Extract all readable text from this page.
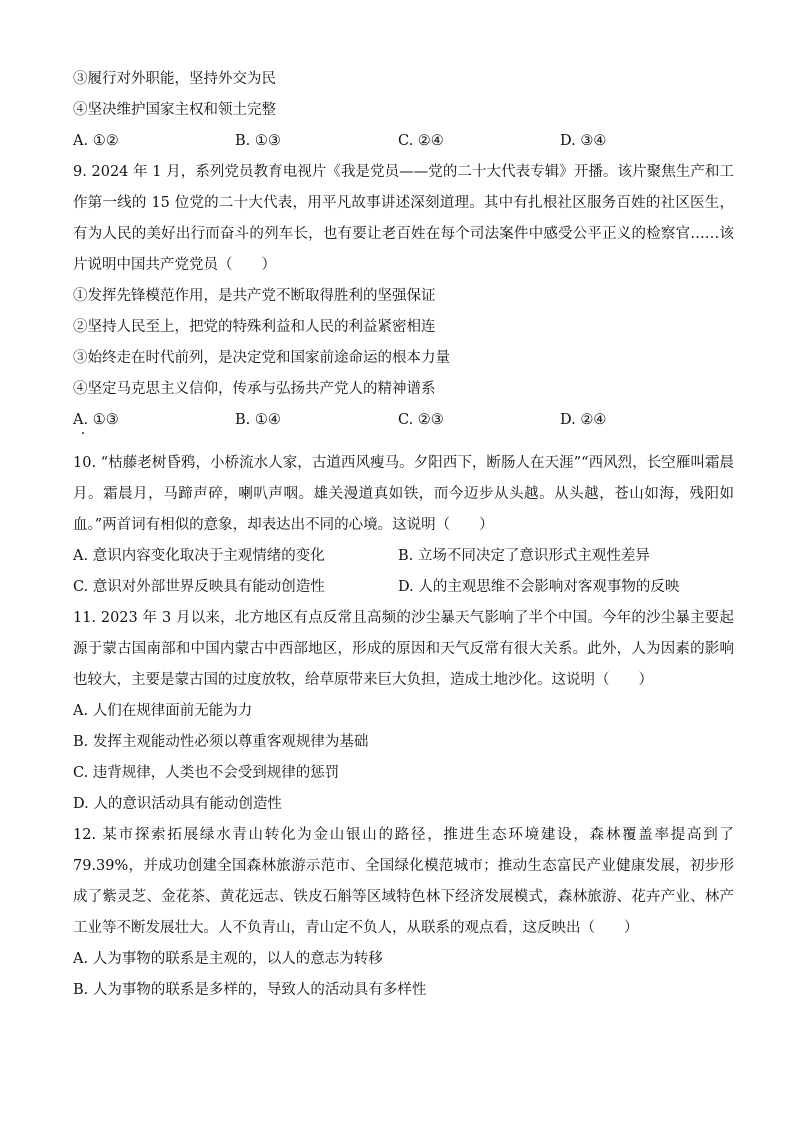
③履行对外职能，坚持外交为民
④坚决维护国家主权和领土完整
A. ①②	B. ①③	C. ②④	D. ③④
9. 2024 年 1 月，系列党员教育电视片《我是党员——党的二十大代表专辑》开播。该片聚焦生产和工作第一线的 15 位党的二十大代表，用平凡故事讲述深刻道理。其中有扎根社区服务百姓的社区医生，有为人民的美好出行而奋斗的列车长，也有要让老百姓在每个司法案件中感受公平正义的检察官……该片说明中国共产党党员（　　）
①发挥先锋模范作用，是共产党不断取得胜利的坚强保证
②坚持人民至上，把党的特殊利益和人民的利益紧密相连
③始终走在时代前列，是决定党和国家前途命运的根本力量
④坚定马克思主义信仰，传承与弘扬共产党人的精神谱系
A. ①③	B. ①④	C. ②③	D. ②④
10. “枯藤老树昏鸦，小桥流水人家，古道西风瘦马。夕阳西下，断肠人在天涯”“西风烈，长空雁叫霜晨月。霜晨月，马蹄声碎，喇叭声咽。雄关漫道真如铁，而今迈步从头越。从头越，苍山如海，残阳如血。”两首词有相似的意象，却表达出不同的心境。这说明（　　）
A. 意识内容变化取决于主观情绪的变化	B. 立场不同决定了意识形式主观性差异
C. 意识对外部世界反映具有能动创造性	D. 人的主观思维不会影响对客观事物的反映
11. 2023 年 3 月以来，北方地区有点反常且高频的沙尘暴天气影响了半个中国。今年的沙尘暴主要起源于蒙古国南部和中国内蒙古中西部地区，形成的原因和天气反常有很大关系。此外，人为因素的影响也较大，主要是蒙古国的过度放牧，给草原带来巨大负担，造成土地沙化。这说明（　　）
A. 人们在规律面前无能为力
B. 发挥主观能动性必须以尊重客观规律为基础
C. 违背规律，人类也不会受到规律的惩罚
D. 人的意识活动具有能动创造性
12. 某市探索拓展绿水青山转化为金山银山的路径，推进生态环境建设，森林覆盖率提高到了 79.39%，并成功创建全国森林旅游示范市、全国绿化模范城市；推动生态富民产业健康发展，初步形成了紫灵芝、金花茶、黄花远志、铁皮石斛等区域特色林下经济发展模式，森林旅游、花卉产业、林产工业等不断发展壮大。人不负青山，青山定不负人，从联系的观点看，这反映出（　　）
A. 人为事物的联系是主观的，以人的意志为转移
B. 人为事物的联系是多样的，导致人的活动具有多样性
